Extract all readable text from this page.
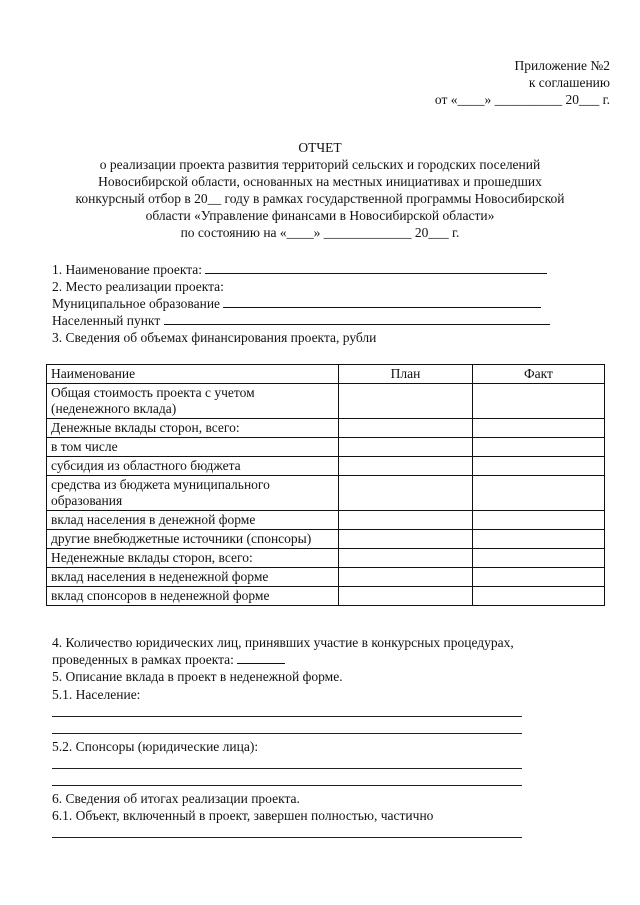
Приложение №2
к соглашению
от «____» __________ 20___ г.
ОТЧЕТ
о реализации проекта развития территорий сельских и городских поселений
Новосибирской области, основанных на местных инициативах и прошедших
конкурсный отбор в 20__ году в рамках государственной программы Новосибирской
области «Управление финансами в Новосибирской области»
по состоянию на «____» _____________ 20___ г.
1. Наименование проекта:
2. Место реализации проекта:
Муниципальное образование
Населенный пункт
3. Сведения об объемах финансирования проекта, рубли
Наименование	План	Факт
Общая стоимость проекта с учетом (неденежного вклада)		
Денежные вклады сторон, всего:		
в том числе		
субсидия из областного бюджета		
средства из бюджета муниципального образования		
вклад населения в денежной форме		
другие внебюджетные источники (спонсоры)		
Неденежные вклады сторон, всего:		
вклад населения в неденежной форме		
вклад спонсоров в неденежной форме		
4. Количество юридических лиц, принявших участие в конкурсных процедурах,
проведенных в рамках проекта:
5. Описание вклада в проект в неденежной форме.
5.1. Население:
5.2. Спонсоры (юридические лица):
6. Сведения об итогах реализации проекта.
6.1. Объект, включенный в проект, завершен полностью, частично
